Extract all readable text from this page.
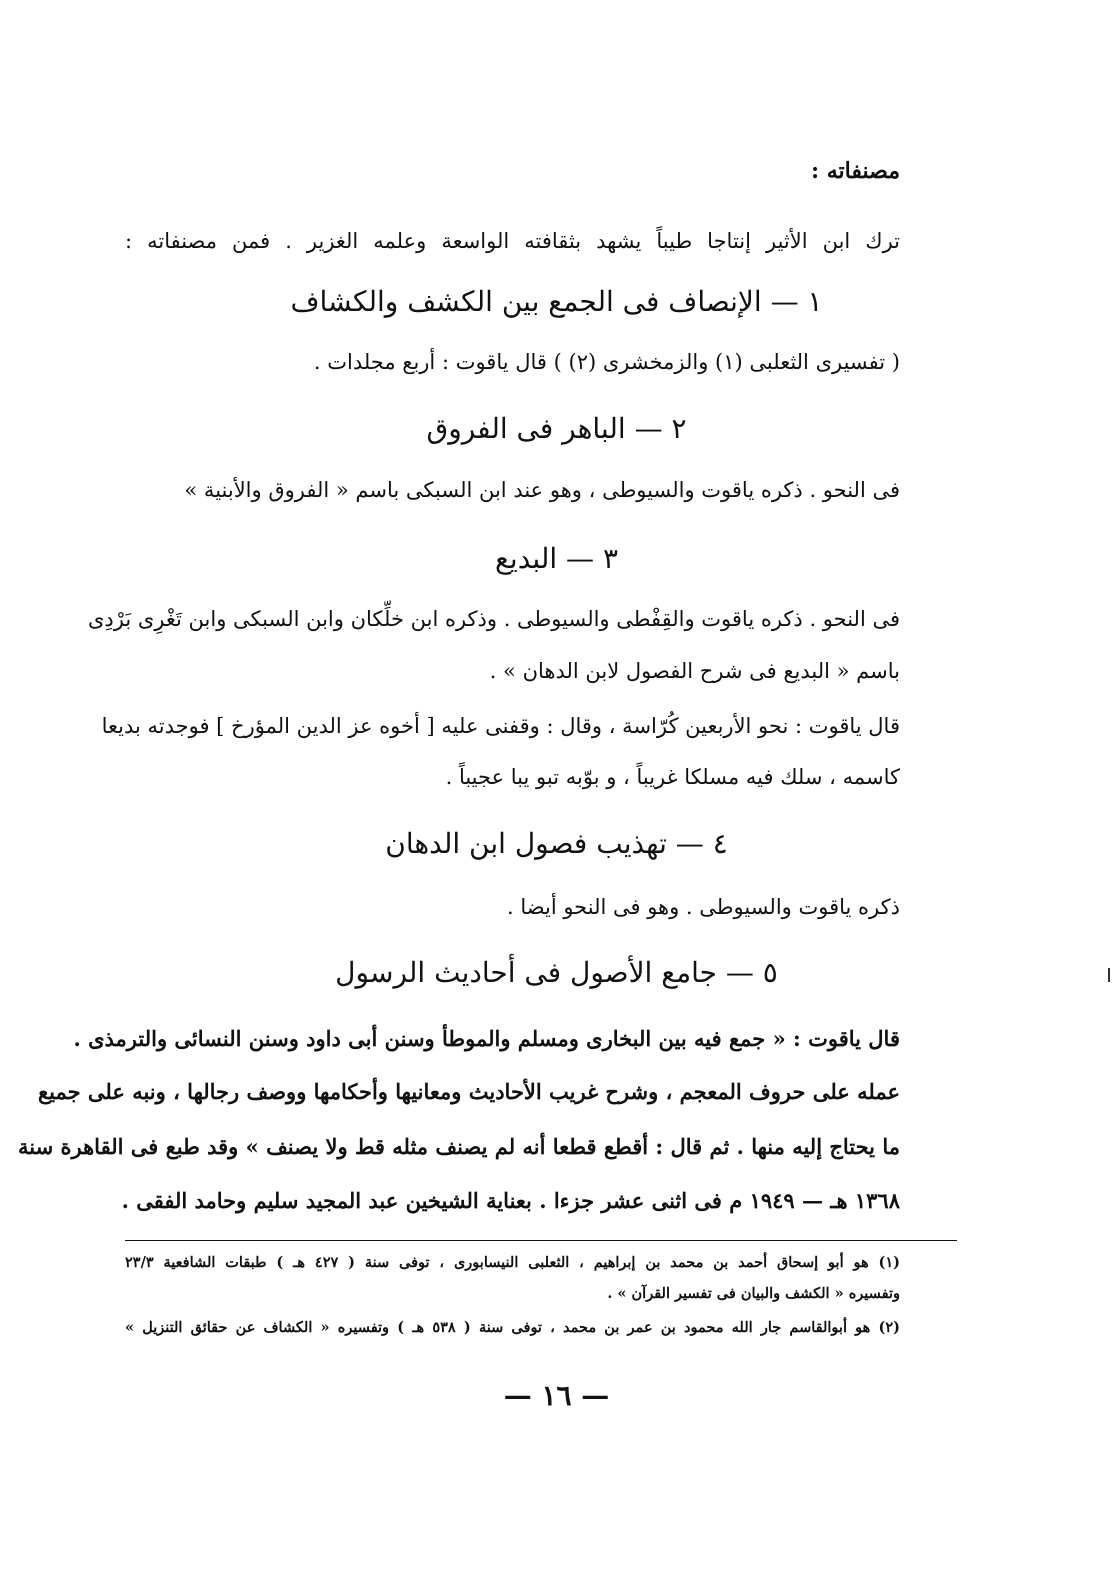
مصنفاته :
ترك ابن الأثير إنتاجا طيباً يشهد بثقافته الواسعة وعلمه الغزير . فمن مصنفاته :
١ — الإنصاف فى الجمع بين الكشف والكشاف
( تفسيرى الثعلبى (١) والزمخشرى (٢) ) قال ياقوت : أربع مجلدات .
٢ — الباهر فى الفروق
فى النحو . ذكره ياقوت والسيوطى ، وهو عند ابن السبكى باسم « الفروق والأبنية »
٣ — البديع
فى النحو . ذكره ياقوت والقِفْطى والسيوطى . وذكره ابن خلِّكان وابن السبكى وابن تَغْرِى بَرْدِى
باسم « البديع فى شرح الفصول لابن الدهان » .
قال ياقوت : نحو الأربعين كُرّاسة ، وقال : وقفنى عليه [ أخوه عز الدين المؤرخ ] فوجدته بديعا
كاسمه ، سلك فيه مسلكا غريباً ، و بوّبه تبو يبا عجيباً .
٤ — تهذيب فصول ابن الدهان
ذكره ياقوت والسيوطى . وهو فى النحو أيضا .
٥ — جامع الأصول فى أحاديث الرسول
قال ياقوت : « جمع فيه بين البخارى ومسلم والموطأ وسنن أبى داود وسنن النسائى والترمذى .
عمله على حروف المعجم ، وشرح غريب الأحاديث ومعانيها وأحكامها ووصف رجالها ، ونبه على جميع
ما يحتاج إليه منها . ثم قال : أقطع قطعا أنه لم يصنف مثله قط ولا يصنف » وقد طبع فى القاهرة سنة
١٣٦٨ هـ — ١٩٤٩ م فى اثنى عشر جزءا . بعناية الشيخين عبد المجيد سليم وحامد الفقى .
(١) هو أبو إسحاق أحمد بن محمد بن إبراهيم ، الثعلبى النيسابورى ، توفى سنة ( ٤٢٧ هـ ) طبقات الشافعية ٢٣/٣
وتفسيره « الكشف والبيان فى تفسير القرآن » .
(٢) هو أبوالقاسم جار الله محمود بن عمر بن محمد ، توفى سنة ( ٥٣٨ هـ ) وتفسيره « الكشاف عن حقائق التنزيل »
— ١٦ —
